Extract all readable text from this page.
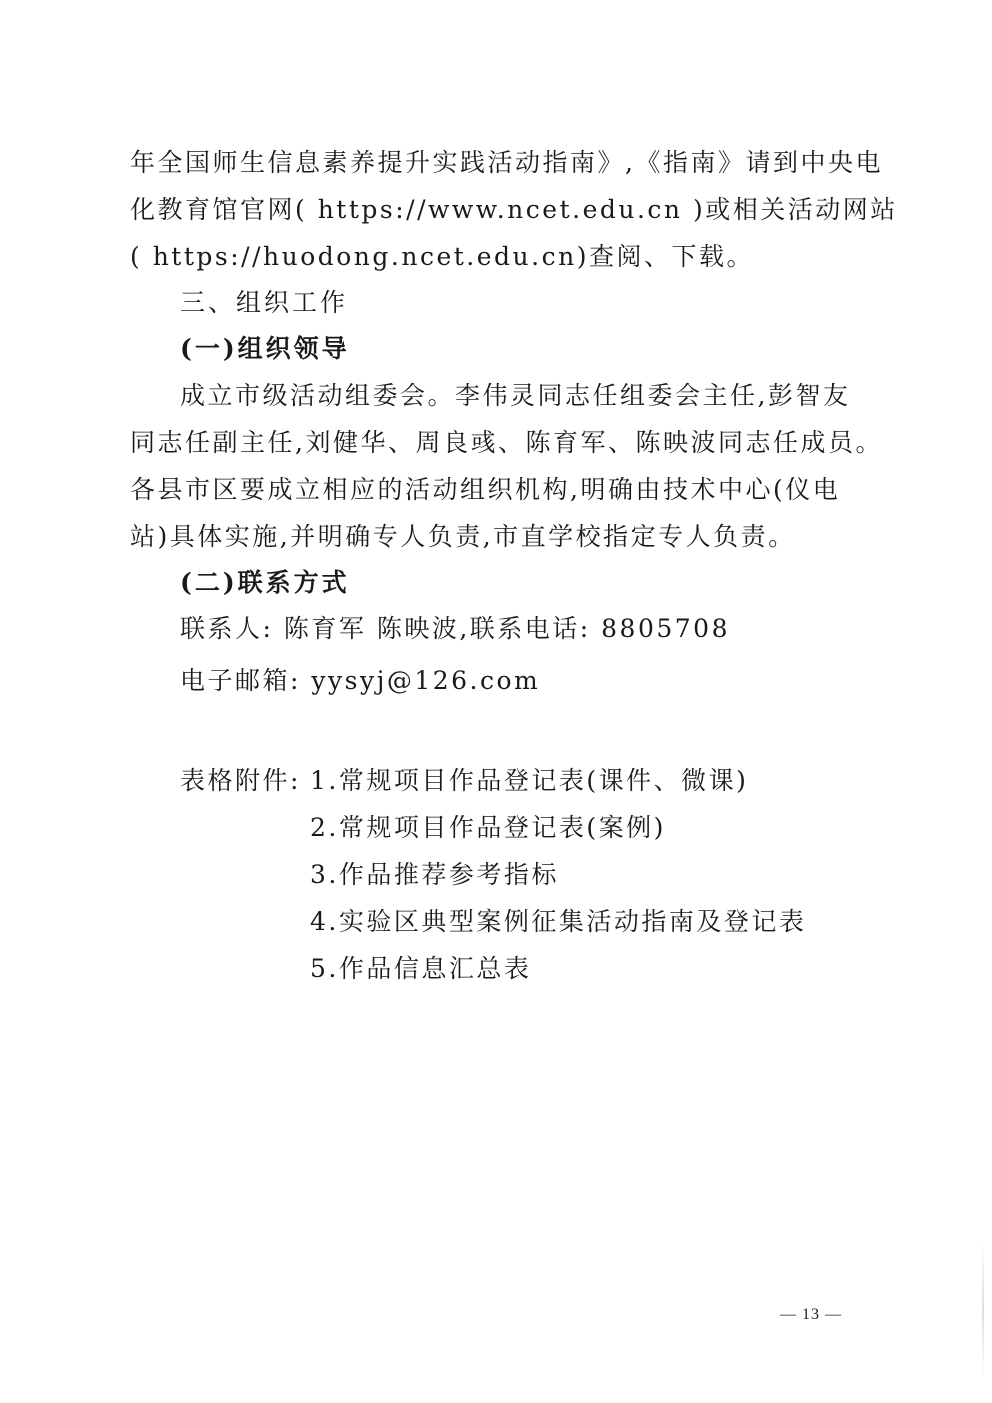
年全国师生信息素养提升实践活动指南》,《指南》请到中央电
化教育馆官网( https://www.ncet.edu.cn )或相关活动网站
( https://huodong.ncet.edu.cn)查阅、下载。
三、组织工作
(一)组织领导
成立市级活动组委会。李伟灵同志任组委会主任,彭智友
同志任副主任,刘健华、周良彧、陈育军、陈映波同志任成员。
各县市区要成立相应的活动组织机构,明确由技术中心(仪电
站)具体实施,并明确专人负责,市直学校指定专人负责。
(二)联系方式
联系人: 陈育军 陈映波,联系电话: 8805708
电子邮箱: yysyj@126.com
表格附件: 1.常规项目作品登记表(课件、微课)
2.常规项目作品登记表(案例)
3.作品推荐参考指标
4.实验区典型案例征集活动指南及登记表
5.作品信息汇总表
— 13 —
